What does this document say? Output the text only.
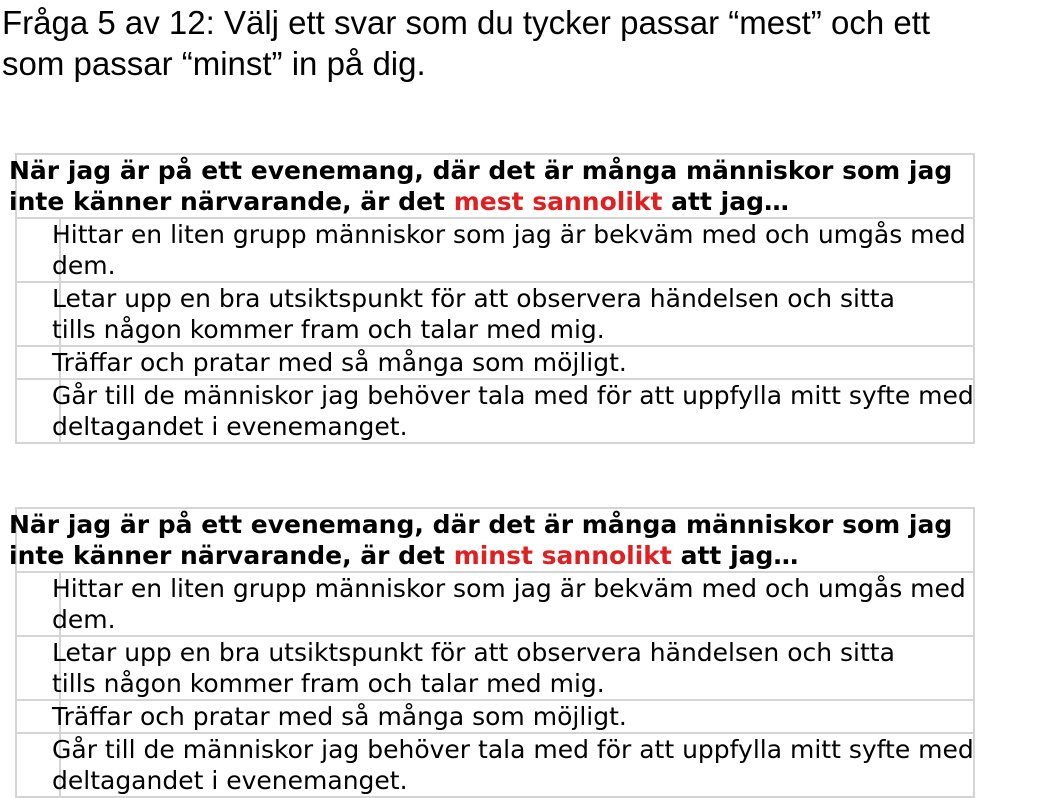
Fråga 5 av 12: Välj ett svar som du tycker passar “mest” och ett som passar “minst” in på dig.
När jag är på ett evenemang, där det är många människor som jag
inte känner närvarande, är det mest sannolikt att jag…	

	Hittar en liten grupp människor som jag är bekväm med och umgås med
dem.

	Letar upp en bra utsiktspunkt för att observera händelsen och sitta
tills någon kommer fram och talar med mig.

	Träffar och pratar med så många som möjligt.

	Går till de människor jag behöver tala med för att uppfylla mitt syfte med
deltagandet i evenemanget.
När jag är på ett evenemang, där det är många människor som jag
inte känner närvarande, är det minst sannolikt att jag…	

	Hittar en liten grupp människor som jag är bekväm med och umgås med
dem.

	Letar upp en bra utsiktspunkt för att observera händelsen och sitta
tills någon kommer fram och talar med mig.

	Träffar och pratar med så många som möjligt.

	Går till de människor jag behöver tala med för att uppfylla mitt syfte med
deltagandet i evenemanget.
